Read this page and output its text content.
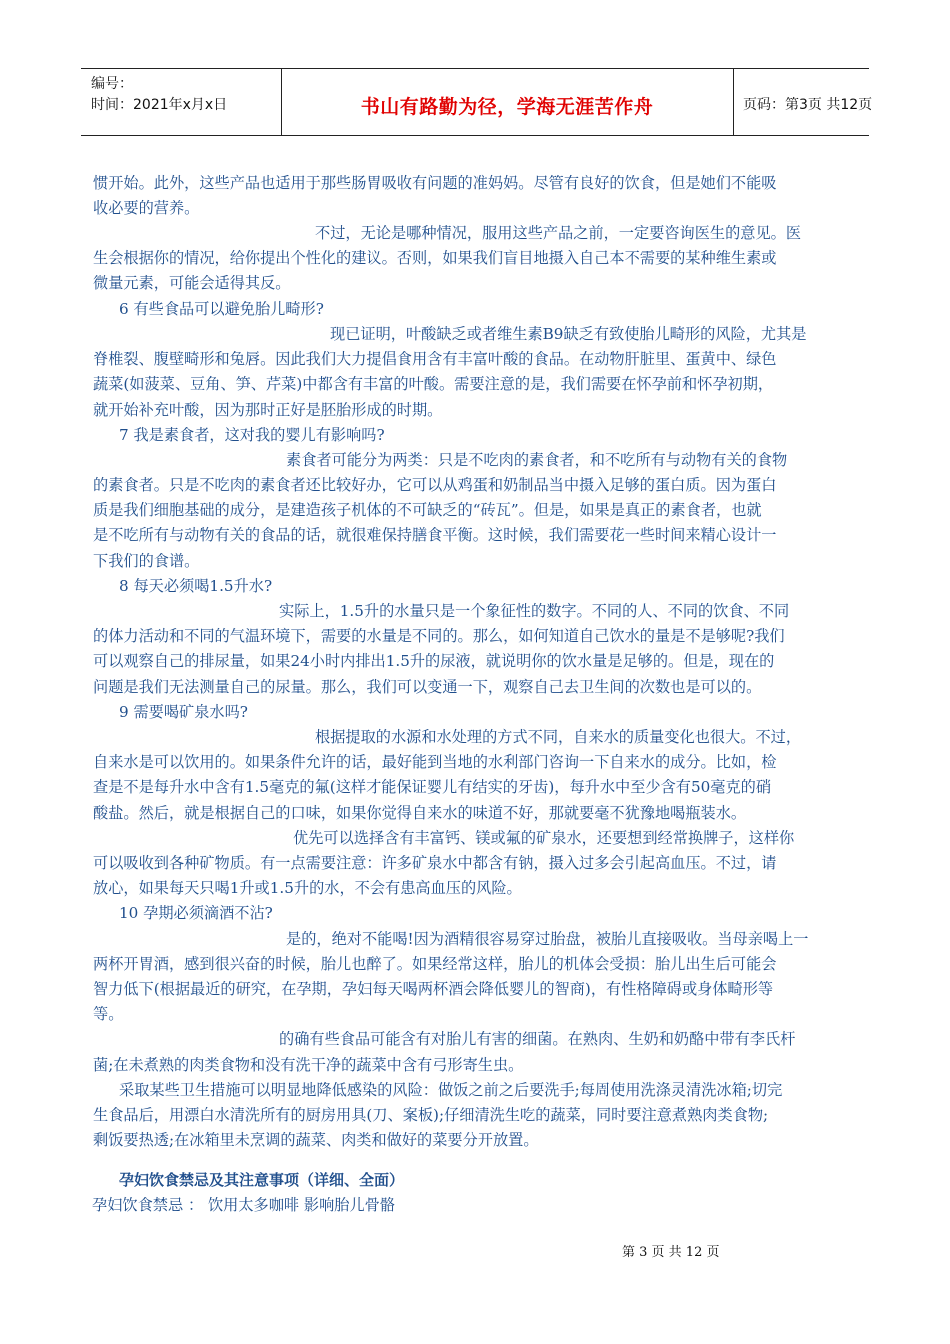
编号：
时间：2021年x月x日	书山有路勤为径，学海无涯苦作舟	页码：第3页 共12页
惯开始。此外，这些产品也适用于那些肠胃吸收有问题的准妈妈。尽管有良好的饮食，但是她们不能吸
收必要的营养。
不过，无论是哪种情况，服用这些产品之前，一定要咨询医生的意见。医
生会根据你的情况，给你提出个性化的建议。否则，如果我们盲目地摄入自己本不需要的某种维生素或
微量元素，可能会适得其反。
6 有些食品可以避免胎儿畸形?
现已证明，叶酸缺乏或者维生素B9缺乏有致使胎儿畸形的风险，尤其是
脊椎裂、腹壁畸形和兔唇。因此我们大力提倡食用含有丰富叶酸的食品。在动物肝脏里、蛋黄中、绿色
蔬菜(如菠菜、豆角、笋、芹菜)中都含有丰富的叶酸。需要注意的是，我们需要在怀孕前和怀孕初期，
就开始补充叶酸，因为那时正好是胚胎形成的时期。
7 我是素食者，这对我的婴儿有影响吗?
素食者可能分为两类：只是不吃肉的素食者，和不吃所有与动物有关的食物
的素食者。只是不吃肉的素食者还比较好办，它可以从鸡蛋和奶制品当中摄入足够的蛋白质。因为蛋白
质是我们细胞基础的成分，是建造孩子机体的不可缺乏的“砖瓦”。但是，如果是真正的素食者，也就
是不吃所有与动物有关的食品的话，就很难保持膳食平衡。这时候，我们需要花一些时间来精心设计一
下我们的食谱。
8 每天必须喝1.5升水?
实际上，1.5升的水量只是一个象征性的数字。不同的人、不同的饮食、不同
的体力活动和不同的气温环境下，需要的水量是不同的。那么，如何知道自己饮水的量是不是够呢?我们
可以观察自己的排尿量，如果24小时内排出1.5升的尿液，就说明你的饮水量是足够的。但是，现在的
问题是我们无法测量自己的尿量。那么，我们可以变通一下，观察自己去卫生间的次数也是可以的。
9 需要喝矿泉水吗?
根据提取的水源和水处理的方式不同，自来水的质量变化也很大。不过，
自来水是可以饮用的。如果条件允许的话，最好能到当地的水利部门咨询一下自来水的成分。比如，检
查是不是每升水中含有1.5毫克的氟(这样才能保证婴儿有结实的牙齿)，每升水中至少含有50毫克的硝
酸盐。然后，就是根据自己的口味，如果你觉得自来水的味道不好，那就要毫不犹豫地喝瓶装水。
优先可以选择含有丰富钙、镁或氟的矿泉水，还要想到经常换牌子，这样你
可以吸收到各种矿物质。有一点需要注意：许多矿泉水中都含有钠，摄入过多会引起高血压。不过，请
放心，如果每天只喝1升或1.5升的水，不会有患高血压的风险。
10 孕期必须滴酒不沾?
是的，绝对不能喝!因为酒精很容易穿过胎盘，被胎儿直接吸收。当母亲喝上一
两杯开胃酒，感到很兴奋的时候，胎儿也醉了。如果经常这样，胎儿的机体会受损：胎儿出生后可能会
智力低下(根据最近的研究，在孕期，孕妇每天喝两杯酒会降低婴儿的智商)，有性格障碍或身体畸形等
等。
的确有些食品可能含有对胎儿有害的细菌。在熟肉、生奶和奶酪中带有李氏杆
菌;在未煮熟的肉类食物和没有洗干净的蔬菜中含有弓形寄生虫。
采取某些卫生措施可以明显地降低感染的风险：做饭之前之后要洗手;每周使用洗涤灵清洗冰箱;切完
生食品后，用漂白水清洗所有的厨房用具(刀、案板);仔细清洗生吃的蔬菜，同时要注意煮熟肉类食物;
剩饭要热透;在冰箱里未烹调的蔬菜、肉类和做好的菜要分开放置。
孕妇饮食禁忌及其注意事项（详细、全面）
孕妇饮食禁忌 ： 饮用太多咖啡 影响胎儿骨骼
第 3 页 共 12 页
